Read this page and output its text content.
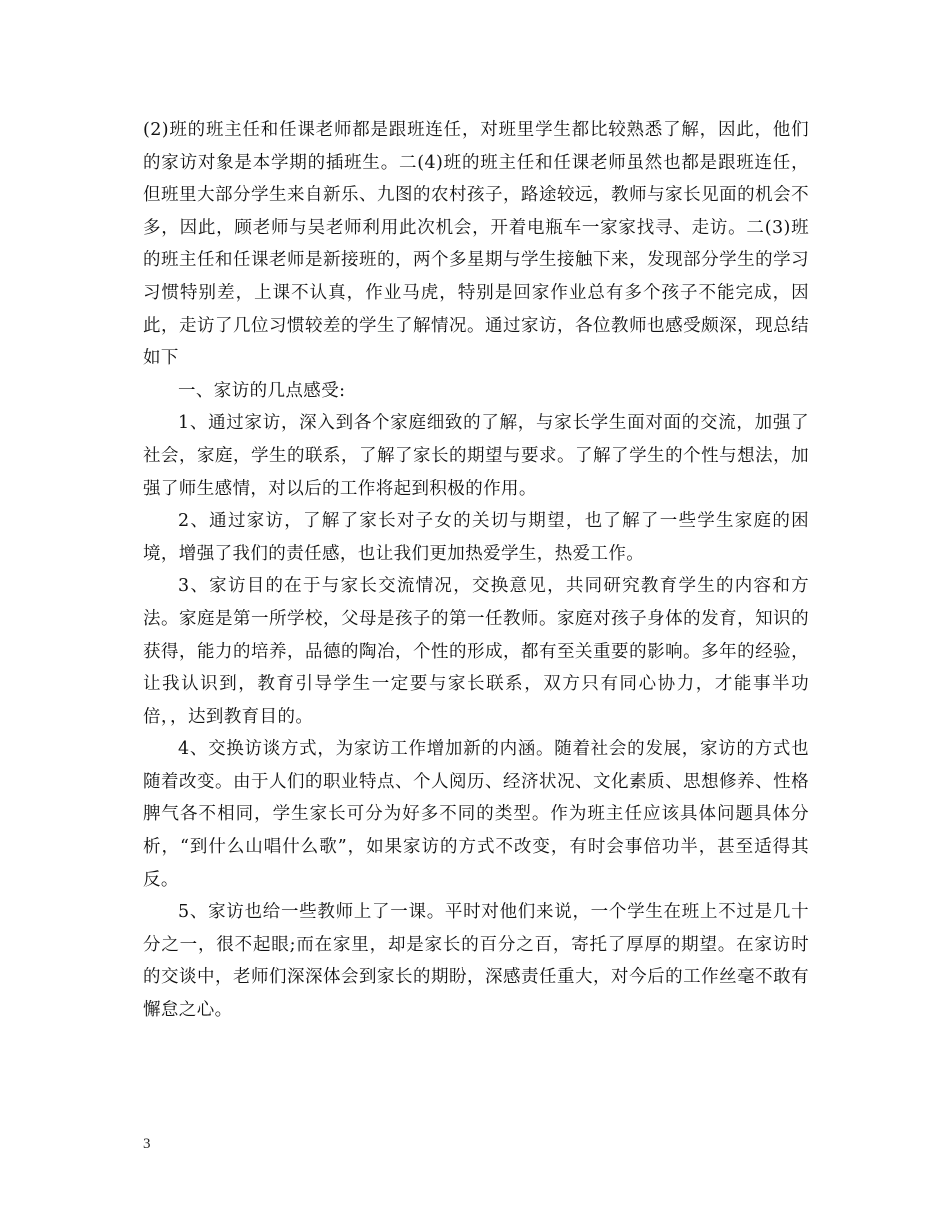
(2)班的班主任和任课老师都是跟班连任，对班里学生都比较熟悉了解，因此，他们的家访对象是本学期的插班生。二(4)班的班主任和任课老师虽然也都是跟班连任，但班里大部分学生来自新乐、九图的农村孩子，路途较远，教师与家长见面的机会不多，因此，顾老师与吴老师利用此次机会，开着电瓶车一家家找寻、走访。二(3)班的班主任和任课老师是新接班的，两个多星期与学生接触下来，发现部分学生的学习习惯特别差，上课不认真，作业马虎，特别是回家作业总有多个孩子不能完成，因此，走访了几位习惯较差的学生了解情况。通过家访，各位教师也感受颇深，现总结如下

一、家访的几点感受:

1、通过家访，深入到各个家庭细致的了解，与家长学生面对面的交流，加强了社会，家庭，学生的联系，了解了家长的期望与要求。了解了学生的个性与想法，加强了师生感情，对以后的工作将起到积极的作用。

2、通过家访，了解了家长对子女的关切与期望，也了解了一些学生家庭的困境，增强了我们的责任感，也让我们更加热爱学生，热爱工作。

3、家访目的在于与家长交流情况，交换意见，共同研究教育学生的内容和方法。家庭是第一所学校，父母是孩子的第一任教师。家庭对孩子身体的发育，知识的获得，能力的培养，品德的陶冶，个性的形成，都有至关重要的影响。多年的经验，让我认识到，教育引导学生一定要与家长联系，双方只有同心协力，才能事半功倍，，达到教育目的。

4、交换访谈方式，为家访工作增加新的内涵。随着社会的发展，家访的方式也随着改变。由于人们的职业特点、个人阅历、经济状况、文化素质、思想修养、性格脾气各不相同，学生家长可分为好多不同的类型。作为班主任应该具体问题具体分析，“到什么山唱什么歌”，如果家访的方式不改变，有时会事倍功半，甚至适得其反。

5、家访也给一些教师上了一课。平时对他们来说，一个学生在班上不过是几十分之一，很不起眼;而在家里，却是家长的百分之百，寄托了厚厚的期望。在家访时的交谈中，老师们深深体会到家长的期盼，深感责任重大，对今后的工作丝毫不敢有懈怠之心。

3
